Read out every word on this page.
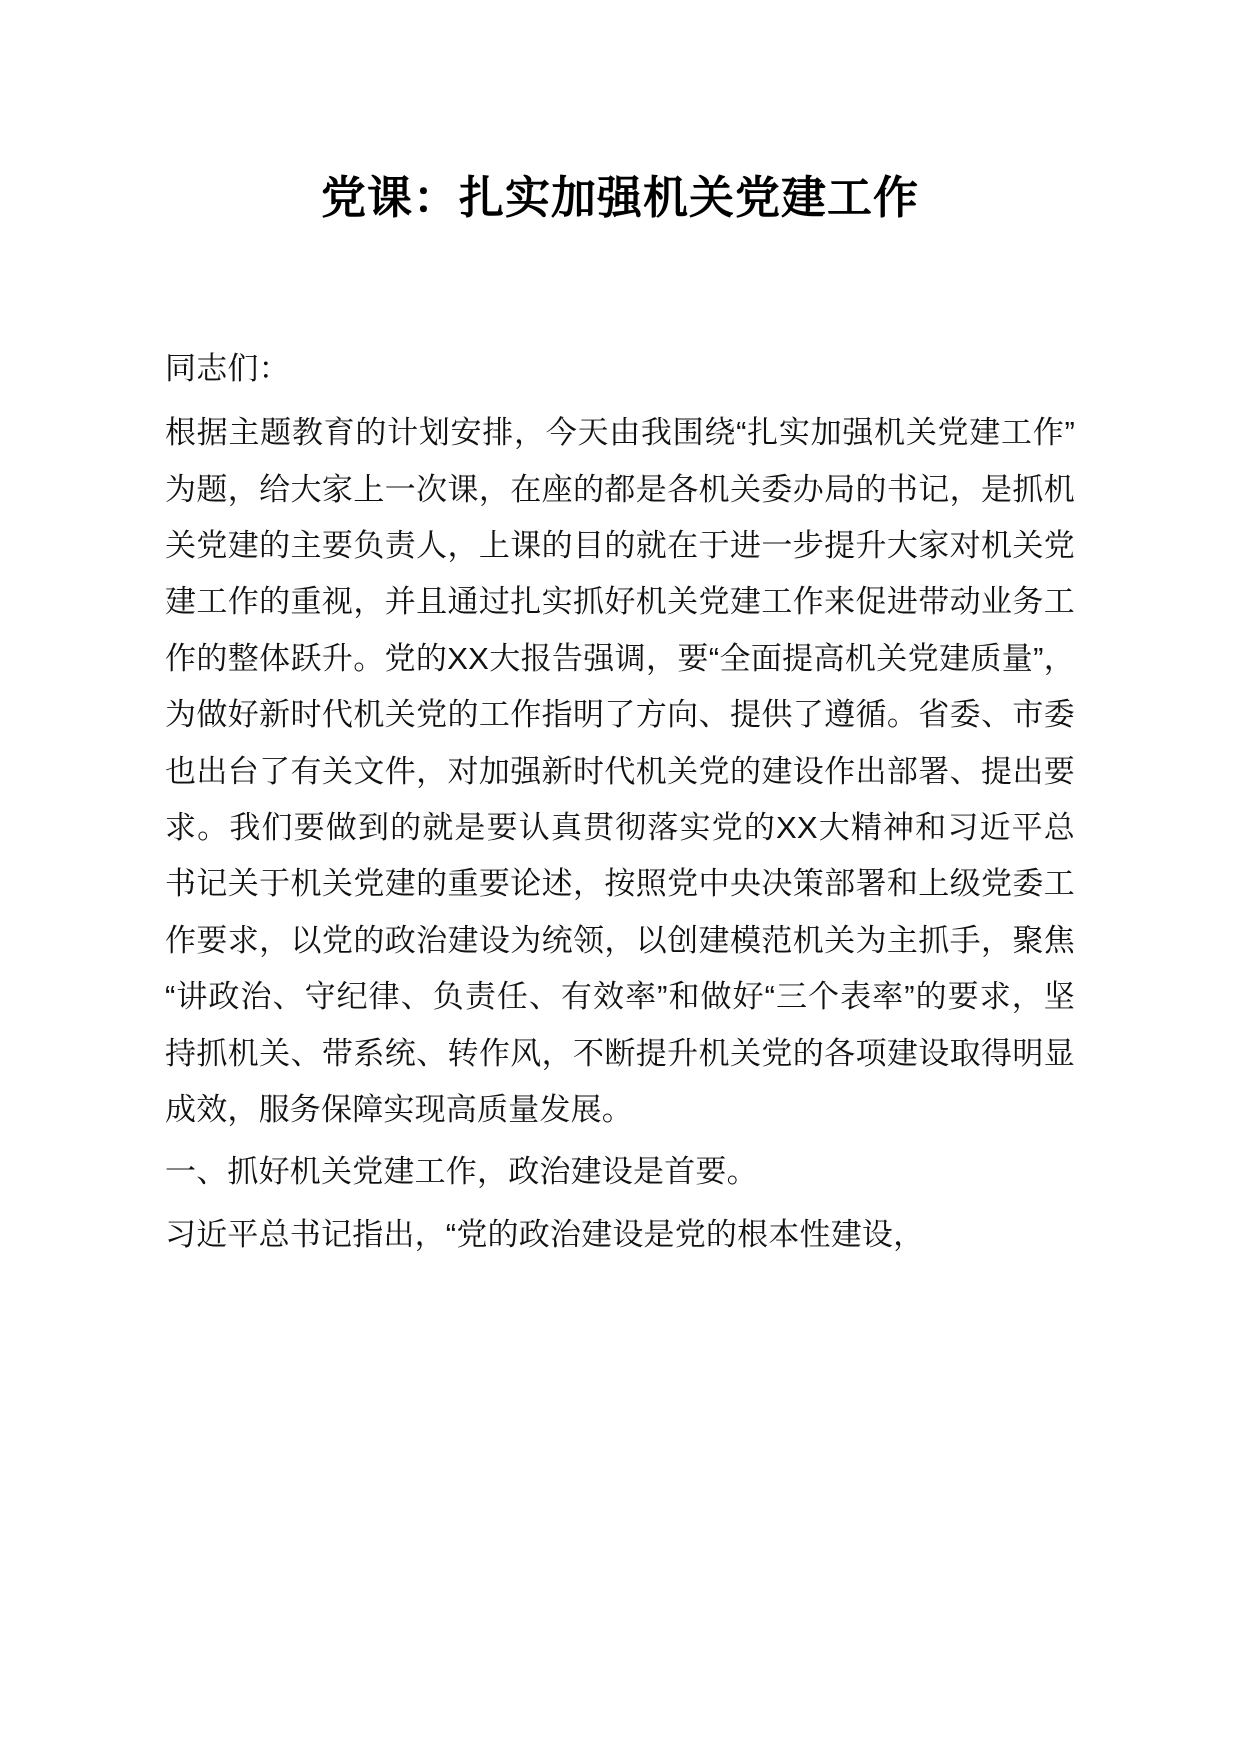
党课：扎实加强机关党建工作

同志们：

根据主题教育的计划安排，今天由我围绕“扎实加强机关党建工作”为题，给大家上一次课，在座的都是各机关委办局的书记，是抓机关党建的主要负责人，上课的目的就在于进一步提升大家对机关党建工作的重视，并且通过扎实抓好机关党建工作来促进带动业务工作的整体跃升。党的XX大报告强调，要“全面提高机关党建质量”，为做好新时代机关党的工作指明了方向、提供了遵循。省委、市委也出台了有关文件，对加强新时代机关党的建设作出部署、提出要求。我们要做到的就是要认真贯彻落实党的XX大精神和习近平总书记关于机关党建的重要论述，按照党中央决策部署和上级党委工作要求，以党的政治建设为统领，以创建模范机关为主抓手，聚焦“讲政治、守纪律、负责任、有效率”和做好“三个表率”的要求，坚持抓机关、带系统、转作风，不断提升机关党的各项建设取得明显成效，服务保障实现高质量发展。

一、抓好机关党建工作，政治建设是首要。

习近平总书记指出，“党的政治建设是党的根本性建设，
